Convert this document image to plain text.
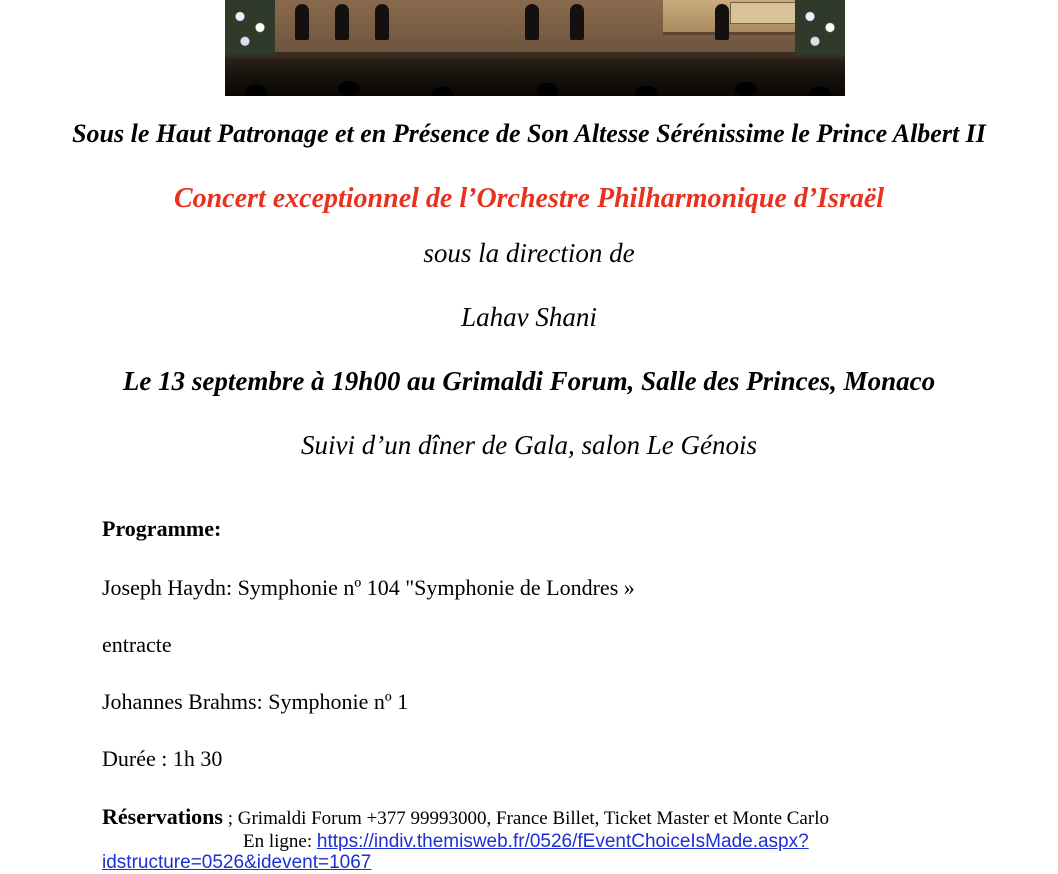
Sous le Haut Patronage et en Présence de Son Altesse Sérénissime le Prince Albert II
Concert exceptionnel de l’Orchestre Philharmonique d’Israël
sous la direction de
Lahav Shani
Le 13 septembre à 19h00 au Grimaldi Forum, Salle des Princes, Monaco
Suivi d’un dîner de Gala, salon Le Génois
Programme:
Joseph Haydn: Symphonie nº 104 "Symphonie de Londres »
entracte
Johannes Brahms: Symphonie nº 1
Durée : 1h 30
Réservations ; Grimaldi Forum +377 99993000, France Billet, Ticket Master et Monte Carlo
En ligne: https://indiv.themisweb.fr/0526/fEventChoiceIsMade.aspx?
idstructure=0526&idevent=1067
